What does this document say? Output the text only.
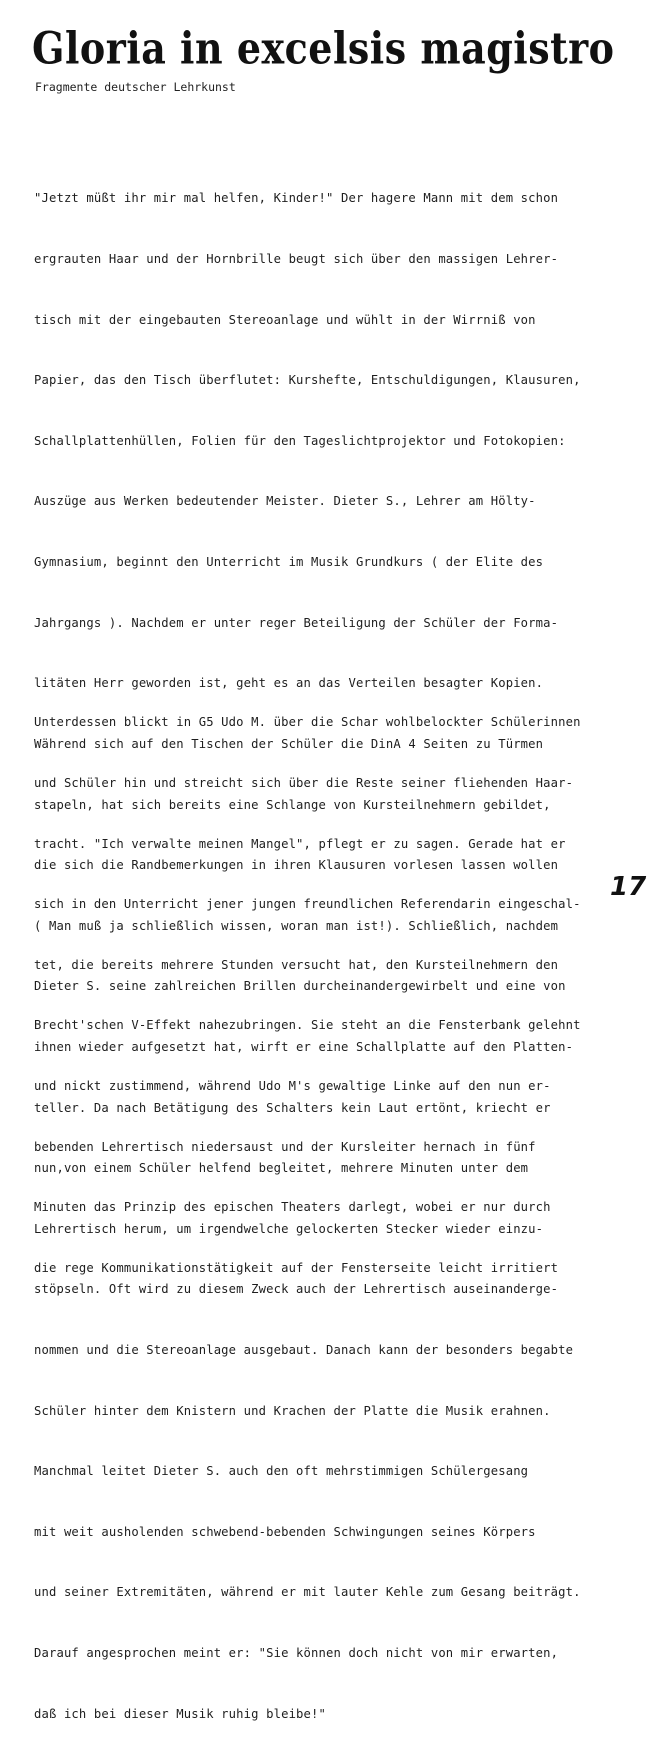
Gloria in excelsis magistro
Fragmente deutscher Lehrkunst

"Jetzt müßt ihr mir mal helfen, Kinder!" Der hagere Mann mit dem schon

ergrauten Haar und der Hornbrille beugt sich über den massigen Lehrer-

tisch mit der eingebauten Stereoanlage und wühlt in der Wirrniß von

Papier, das den Tisch überflutet: Kurshefte, Entschuldigungen, Klausuren,

Schallplattenhüllen, Folien für den Tageslichtprojektor und Fotokopien:

Auszüge aus Werken bedeutender Meister. Dieter S., Lehrer am Hölty-

Gymnasium, beginnt den Unterricht im Musik Grundkurs ( der Elite des

Jahrgangs ). Nachdem er unter reger Beteiligung der Schüler der Forma-

litäten Herr geworden ist, geht es an das Verteilen besagter Kopien.

Während sich auf den Tischen der Schüler die DinA 4 Seiten zu Türmen

stapeln, hat sich bereits eine Schlange von Kursteilnehmern gebildet,

die sich die Randbemerkungen in ihren Klausuren vorlesen lassen wollen

( Man muß ja schließlich wissen, woran man ist!). Schließlich, nachdem

Dieter S. seine zahlreichen Brillen durcheinandergewirbelt und eine von

ihnen wieder aufgesetzt hat, wirft er eine Schallplatte auf den Platten-

teller. Da nach Betätigung des Schalters kein Laut ertönt, kriecht er

nun,von einem Schüler helfend begleitet, mehrere Minuten unter dem

Lehrertisch herum, um irgendwelche gelockerten Stecker wieder einzu-

stöpseln. Oft wird zu diesem Zweck auch der Lehrertisch auseinanderge-

nommen und die Stereoanlage ausgebaut. Danach kann der besonders begabte

Schüler hinter dem Knistern und Krachen der Platte die Musik erahnen.

Manchmal leitet Dieter S. auch den oft mehrstimmigen Schülergesang

mit weit ausholenden schwebend-bebenden Schwingungen seines Körpers

und seiner Extremitäten, während er mit lauter Kehle zum Gesang beiträgt.

Darauf angesprochen meint er: "Sie können doch nicht von mir erwarten,

daß ich bei dieser Musik ruhig bleibe!"

Unterdessen blickt in G5 Udo M. über die Schar wohlbelockter Schülerinnen

und Schüler hin und streicht sich über die Reste seiner fliehenden Haar-

tracht. "Ich verwalte meinen Mangel", pflegt er zu sagen. Gerade hat er

sich in den Unterricht jener jungen freundlichen Referendarin eingeschal-

tet, die bereits mehrere Stunden versucht hat, den Kursteilnehmern den

Brecht'schen V-Effekt nahezubringen. Sie steht an die Fensterbank gelehnt

und nickt zustimmend, während Udo M's gewaltige Linke auf den nun er-

bebenden Lehrertisch niedersaust und der Kursleiter hernach in fünf

Minuten das Prinzip des epischen Theaters darlegt, wobei er nur durch

die rege Kommunikationstätigkeit auf der Fensterseite leicht irritiert

17
